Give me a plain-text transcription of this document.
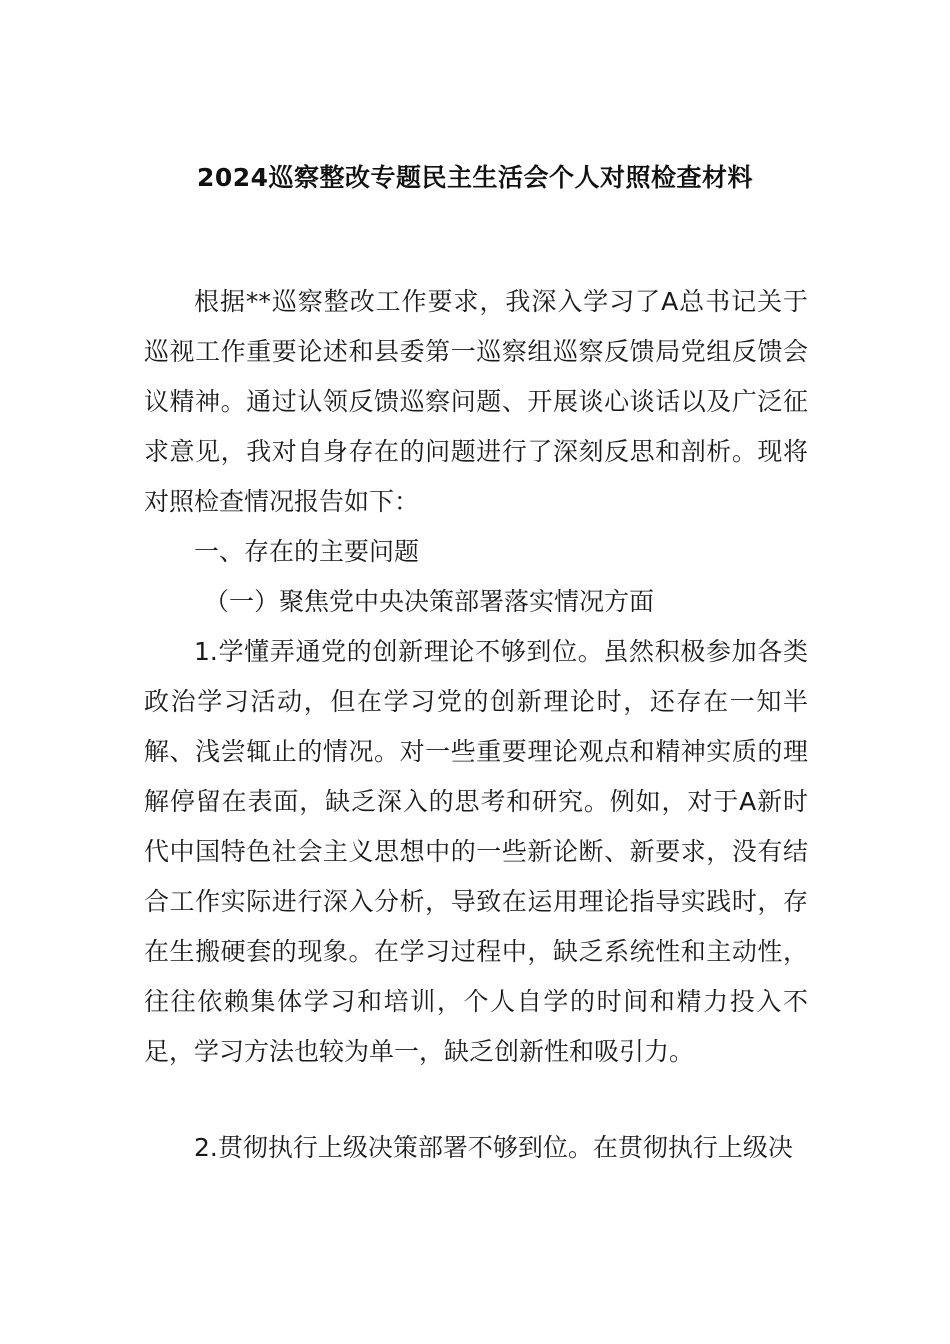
2024巡察整改专题民主生活会个人对照检查材料

根据**巡察整改工作要求，我深入学习了A总书记关于巡视工作重要论述和县委第一巡察组巡察反馈局党组反馈会议精神。通过认领反馈巡察问题、开展谈心谈话以及广泛征求意见，我对自身存在的问题进行了深刻反思和剖析。现将对照检查情况报告如下：

一、存在的主要问题

（一）聚焦党中央决策部署落实情况方面

1.学懂弄通党的创新理论不够到位。虽然积极参加各类政治学习活动，但在学习党的创新理论时，还存在一知半解、浅尝辄止的情况。对一些重要理论观点和精神实质的理解停留在表面，缺乏深入的思考和研究。例如，对于A新时代中国特色社会主义思想中的一些新论断、新要求，没有结合工作实际进行深入分析，导致在运用理论指导实践时，存在生搬硬套的现象。在学习过程中，缺乏系统性和主动性，往往依赖集体学习和培训，个人自学的时间和精力投入不足，学习方法也较为单一，缺乏创新性和吸引力。

2.贯彻执行上级决策部署不够到位。在贯彻执行上级决
